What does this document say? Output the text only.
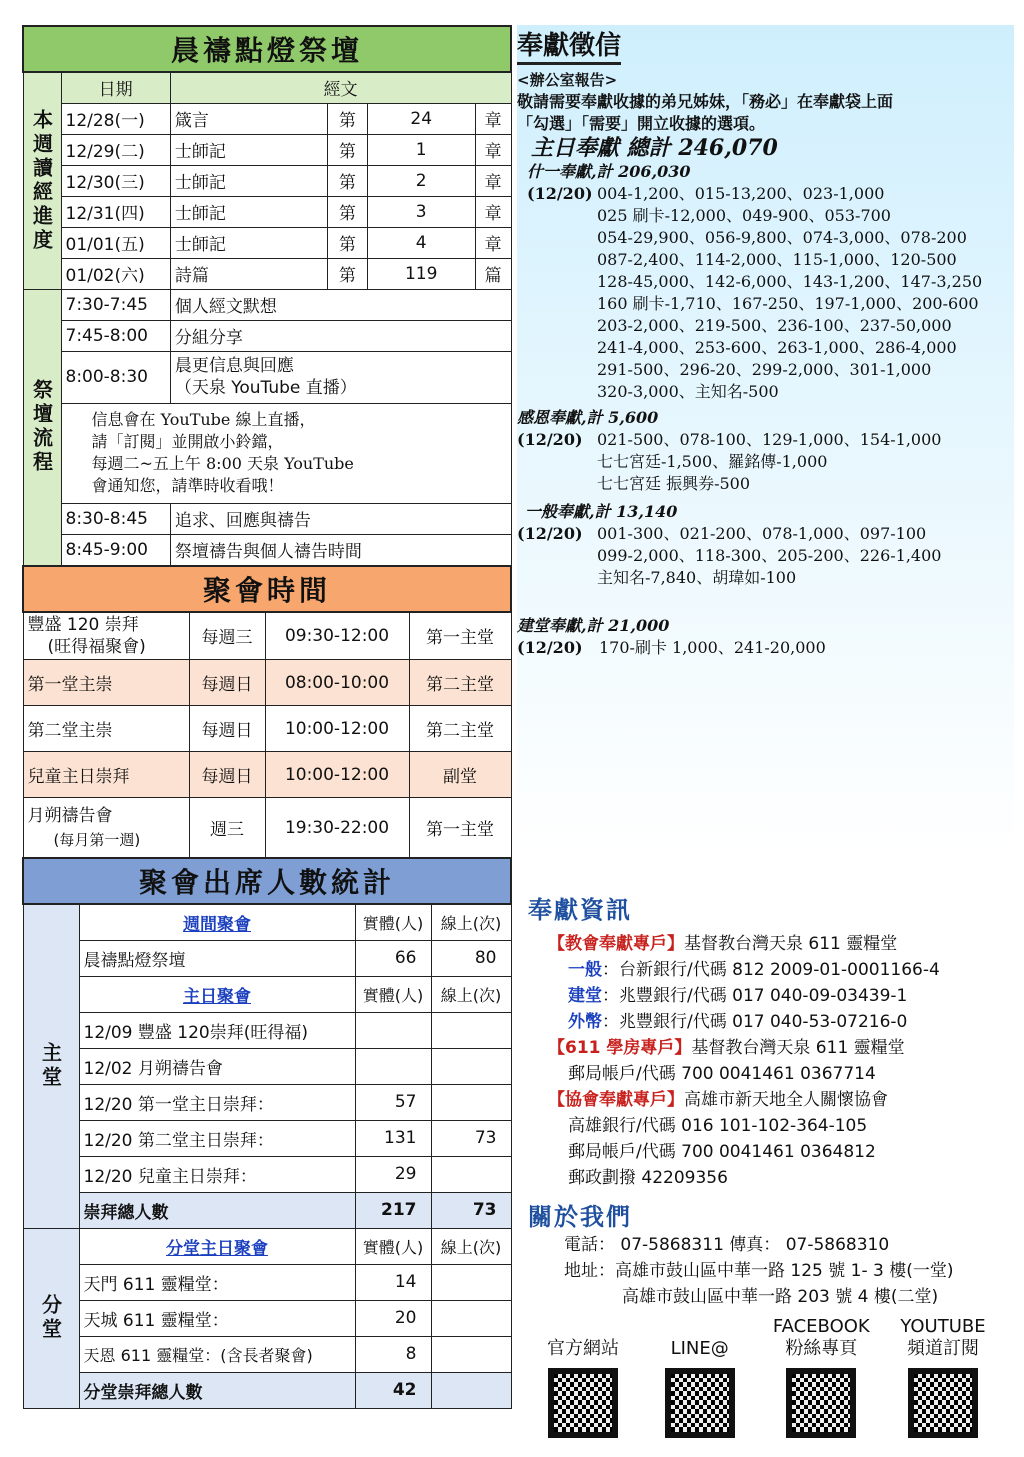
晨禱點燈祭壇					
本週讀經進度	日期	經文			
	12/28(一)	箴言	第	24	章
	12/29(二)	士師記	第	1	章
	12/30(三)	士師記	第	2	章
	12/31(四)	士師記	第	3	章
	01/01(五)	士師記	第	4	章
	01/02(六)	詩篇	第	119	篇
祭壇流程	7:30-7:45	個人經文默想			
	7:45-8:00	分組分享			
	8:00-8:30	晨更信息與回應
（天泉 YouTube 直播）			

	信息會在 YouTube 線上直播，
請「訂閱」並開啟小鈴鐺，
每週二~五上午 8:00 天泉 YouTube
會通知您，請準時收看哦！				

	8:30-8:45	追求、回應與禱告			
	8:45-9:00	祭壇禱告與個人禱告時間			
聚會時間			

豐盛 120 崇拜
(旺得福聚會)	每週三	09:30-12:00	第一主堂
第一堂主崇	每週日	08:00-10:00	第二主堂
第二堂主崇	每週日	10:00-12:00	第二主堂
兒童主日崇拜	每週日	10:00-12:00	副堂

月朔禱告會
(每月第一週)	週三	19:30-22:00	第一主堂
聚會出席人數統計			
主堂	週間聚會	實體(人)	線上(次)
	晨禱點燈祭壇	66	80
	主日聚會	實體(人)	線上(次)
	12/09 豐盛 120崇拜(旺得福)		
	12/02 月朔禱告會		
	12/20 第一堂主日崇拜：	57	
	12/20 第二堂主日崇拜：	131	73
	12/20 兒童主日崇拜：	29	
	崇拜總人數	217	73
分堂	分堂主日聚會	實體(人)	線上(次)
	天門 611 靈糧堂：	14	
	天城 611 靈糧堂：	20	
	天恩 611 靈糧堂：(含長者聚會)	8	
	分堂崇拜總人數	42	
奉獻徵信
<辦公室報告>
敬請需要奉獻收據的弟兄姊妹，「務必」在奉獻袋上面
「勾選」「需要」開立收據的選項。
主日奉獻 總計 246,070
什一奉獻,計 206,030
(12/20) 004-1,200、015-13,200、023-1,000
025 刷卡-12,000、049-900、053-700
054-29,900、056-9,800、074-3,000、078-200
087-2,400、114-2,000、115-1,000、120-500
128-45,000、142-6,000、143-1,200、147-3,250
160 刷卡-1,710、167-250、197-1,000、200-600
203-2,000、219-500、236-100、237-50,000
241-4,000、253-600、263-1,000、286-4,000
291-500、296-20、299-2,000、301-1,000
320-3,000、主知名-500
感恩奉獻,計 5,600
(12/20) 021-500、078-100、129-1,000、154-1,000
七七宮廷-1,500、羅銘傳-1,000
七七宮廷 振興券-500
一般奉獻,計 13,140
(12/20) 001-300、021-200、078-1,000、097-100
099-2,000、118-300、205-200、226-1,400
主知名-7,840、胡瑋如-100
建堂奉獻,計 21,000
(12/20)	170-刷卡 1,000、241-20,000
奉獻資訊
【教會奉獻專戶】基督教台灣天泉 611 靈糧堂
一般：台新銀行/代碼 812 2009-01-0001166-4
建堂：兆豐銀行/代碼 017 040-09-03439-1
外幣：兆豐銀行/代碼 017 040-53-07216-0
【611 學房專戶】基督教台灣天泉 611 靈糧堂
郵局帳戶/代碼 700 0041461 0367714
【協會奉獻專戶】高雄市新天地全人關懷協會
高雄銀行/代碼 016 101-102-364-105
郵局帳戶/代碼 700 0041461 0364812
郵政劃撥 42209356
關於我們
電話： 07-5868311 傳真： 07-5868310
地址：高雄市鼓山區中華一路 125 號 1- 3 樓(一堂)
高雄市鼓山區中華一路 203 號 4 樓(二堂)
官方網站	LINE@
FACEBOOK
粉絲專頁
YOUTUBE
頻道訂閱
